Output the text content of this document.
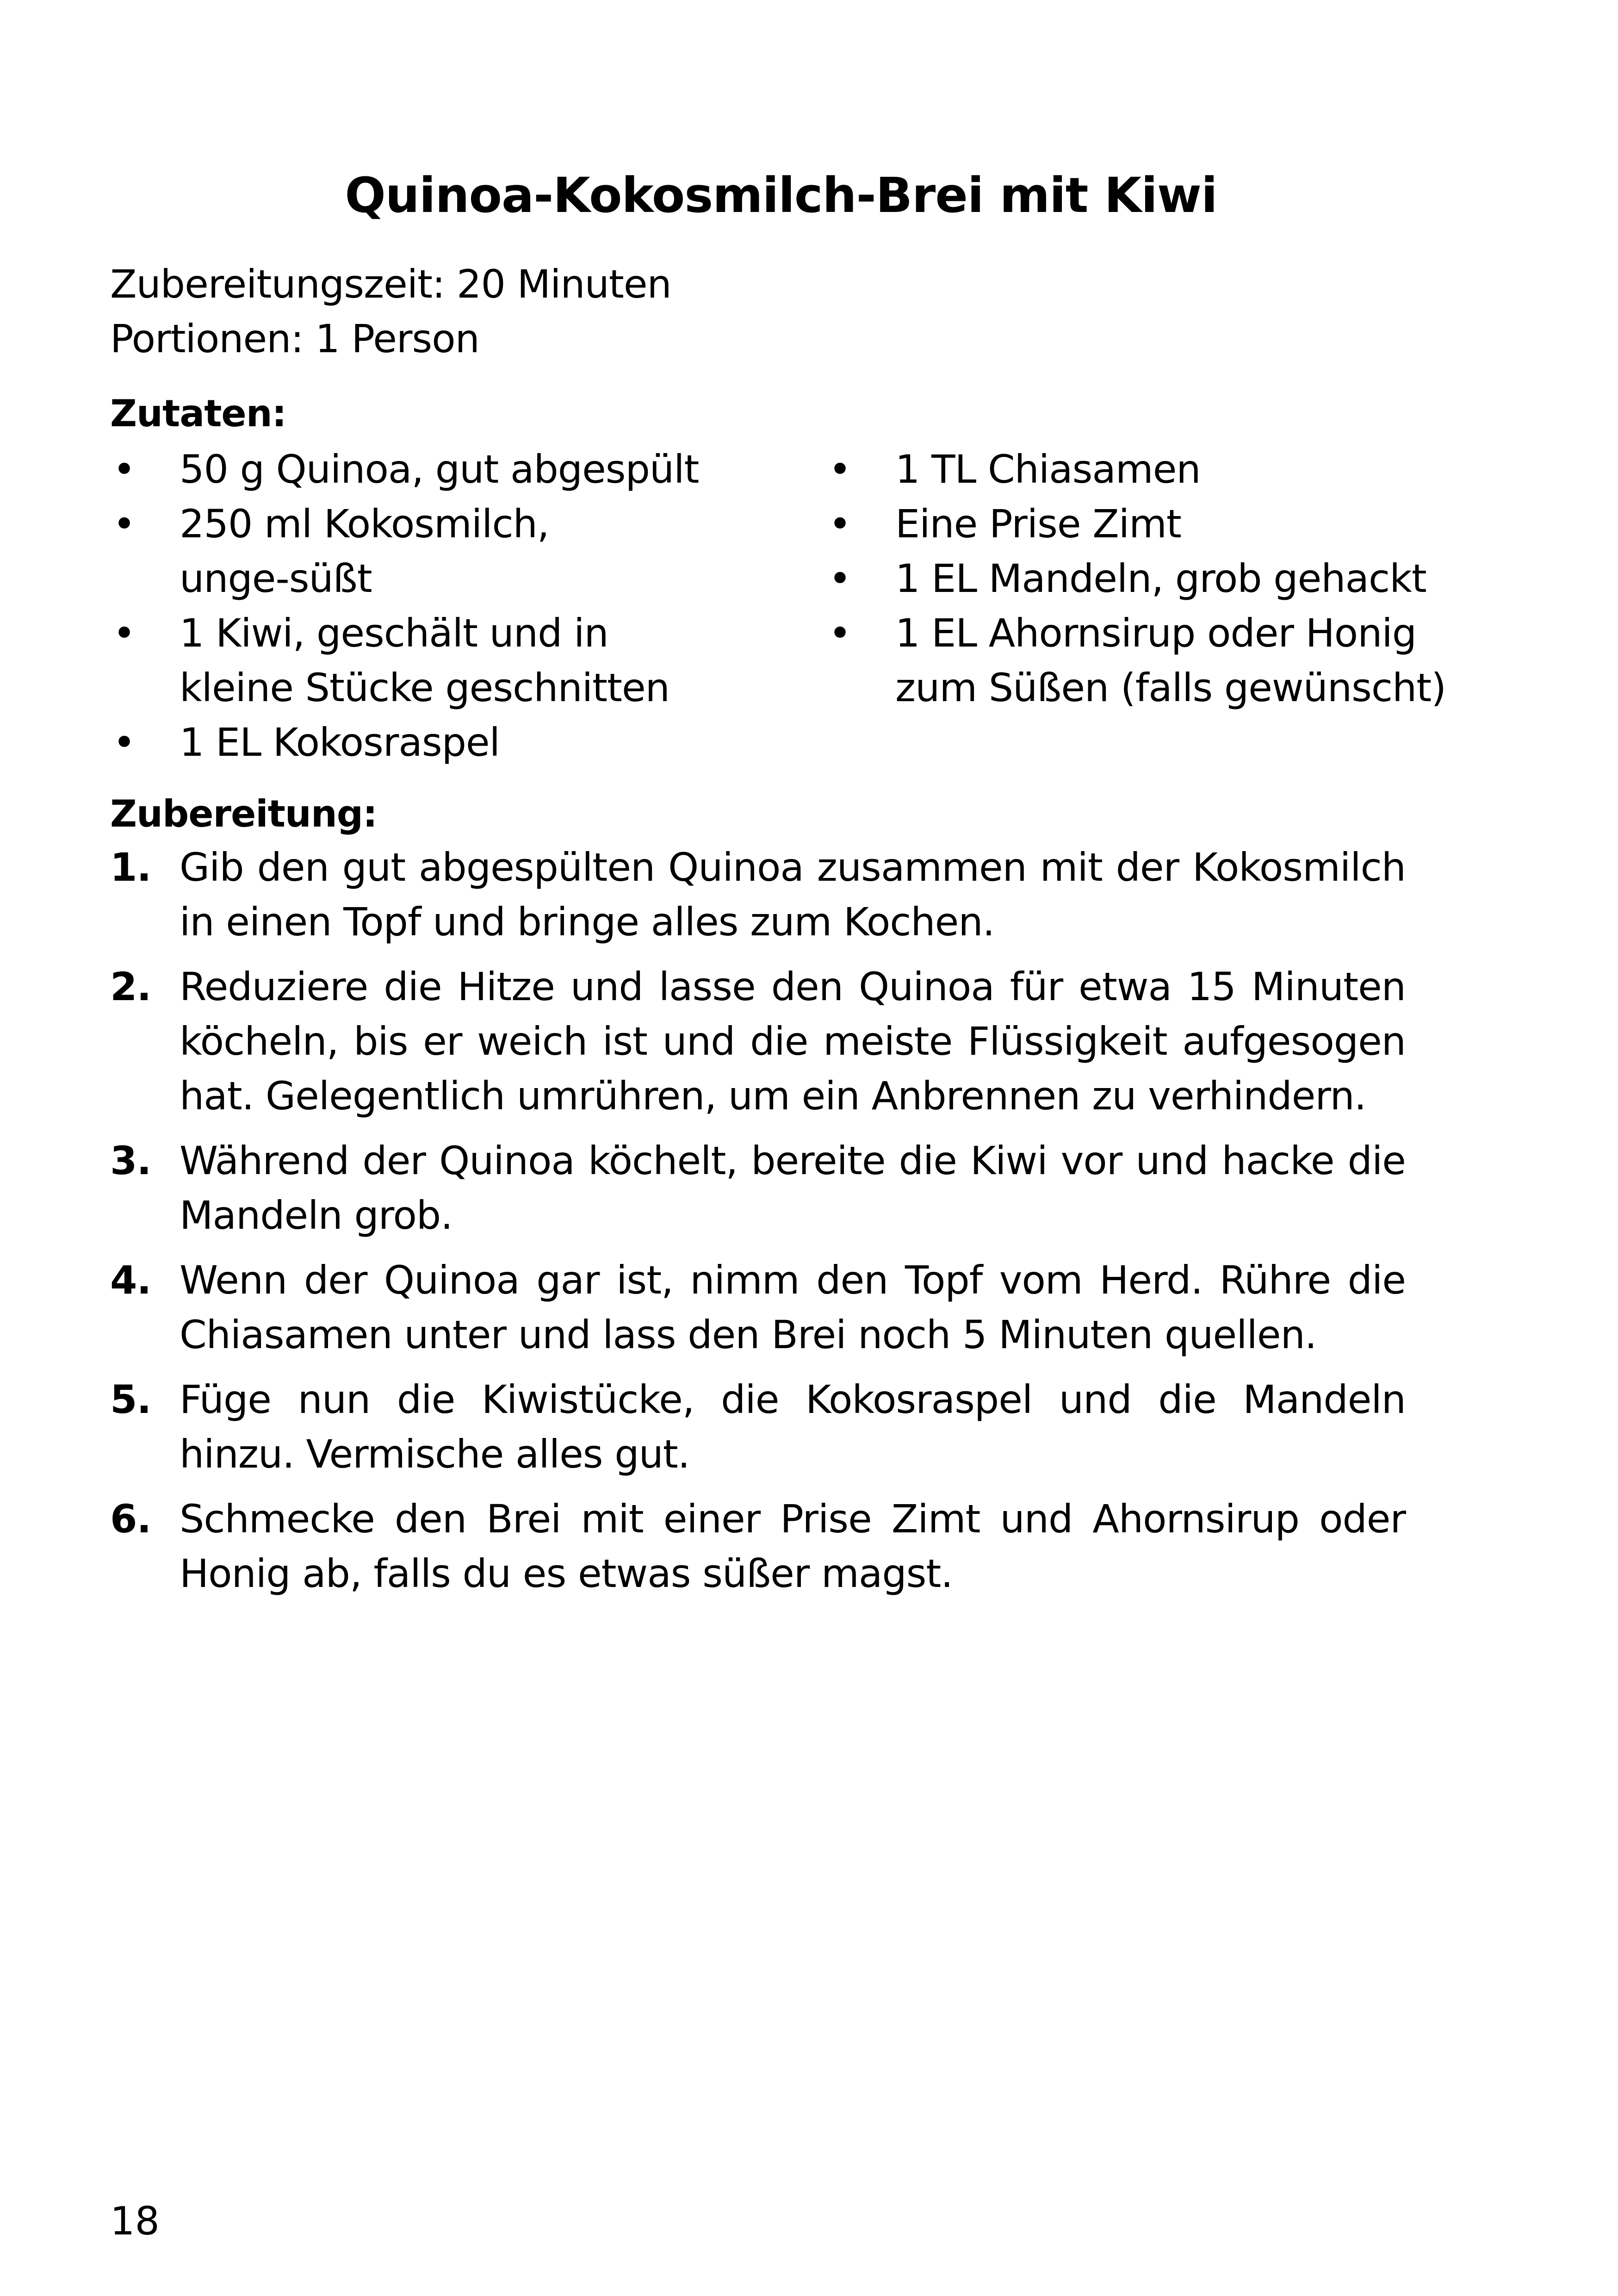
Quinoa-Kokosmilch-Brei mit Kiwi
Zubereitungszeit: 20 Minuten
Portionen: 1 Person
Zutaten:
• 50 g Quinoa, gut abgespült
• 250 ml Kokosmilch, unge-süßt
• 1 Kiwi, geschält und in kleine Stücke geschnitten
• 1 EL Kokosraspel
• 1 TL Chiasamen
• Eine Prise Zimt
• 1 EL Mandeln, grob gehackt
• 1 EL Ahornsirup oder Honig zum Süßen (falls gewünscht)
Zubereitung:
1. Gib den gut abgespülten Quinoa zusammen mit der Kokosmilch in einen Topf und bringe alles zum Kochen.
2. Reduziere die Hitze und lasse den Quinoa für etwa 15 Minuten köcheln, bis er weich ist und die meiste Flüssigkeit aufgesogen hat. Gelegentlich umrühren, um ein Anbrennen zu verhindern.
3. Während der Quinoa köchelt, bereite die Kiwi vor und hacke die Mandeln grob.
4. Wenn der Quinoa gar ist, nimm den Topf vom Herd. Rühre die Chiasamen unter und lass den Brei noch 5 Minuten quellen.
5. Füge nun die Kiwistücke, die Kokosraspel und die Mandeln hinzu. Vermische alles gut.
6. Schmecke den Brei mit einer Prise Zimt und Ahornsirup oder Honig ab, falls du es etwas süßer magst.
18
